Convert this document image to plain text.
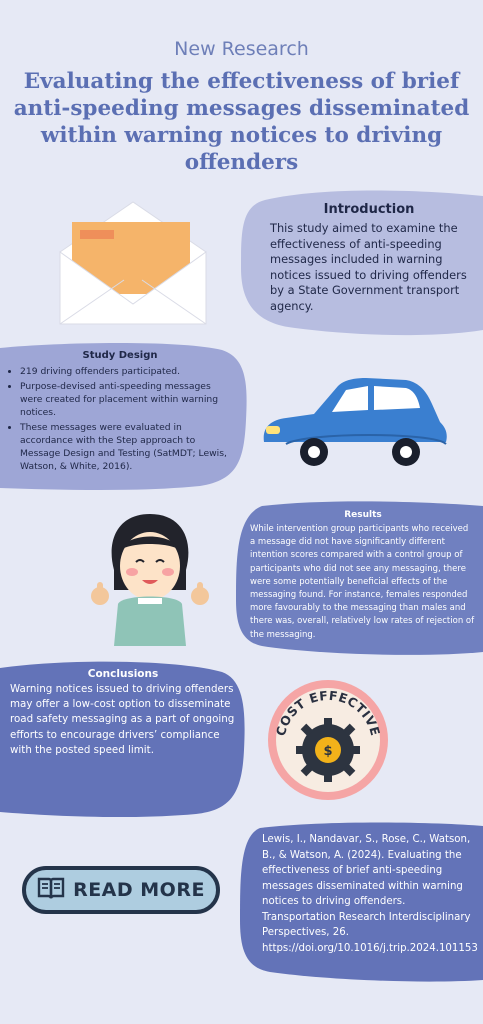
New Research
Evaluating the effectiveness of brief anti-speeding messages disseminated within warning notices to driving offenders
Introduction
This study aimed to examine the effectiveness of anti-speeding messages included in warning notices issued to driving offenders by a State Government transport agency.
Study Design
• 219 driving offenders participated.
• Purpose-devised anti-speeding messages were created for placement within warning notices.
• These messages were evaluated in accordance with the Step approach to Message Design and Testing (SatMDT; Lewis, Watson, & White, 2016).
Results
While intervention group participants who received a message did not have significantly different intention scores compared with a control group of participants who did not see any messaging, there were some potentially beneficial effects of the messaging found. For instance, females responded more favourably to the messaging than males and there was, overall, relatively low rates of rejection of the messaging.
Conclusions
Warning notices issued to driving offenders may offer a low-cost option to disseminate road safety messaging as a part of ongoing efforts to encourage drivers’ compliance with the posted speed limit.
COST EFFECTIVE
$
READ MORE
Lewis, I., Nandavar, S., Rose, C., Watson, B., & Watson, A. (2024). Evaluating the effectiveness of brief anti-speeding messages disseminated within warning notices to driving offenders. Transportation Research Interdisciplinary Perspectives, 26. https://doi.org/10.1016/j.trip.2024.101153
